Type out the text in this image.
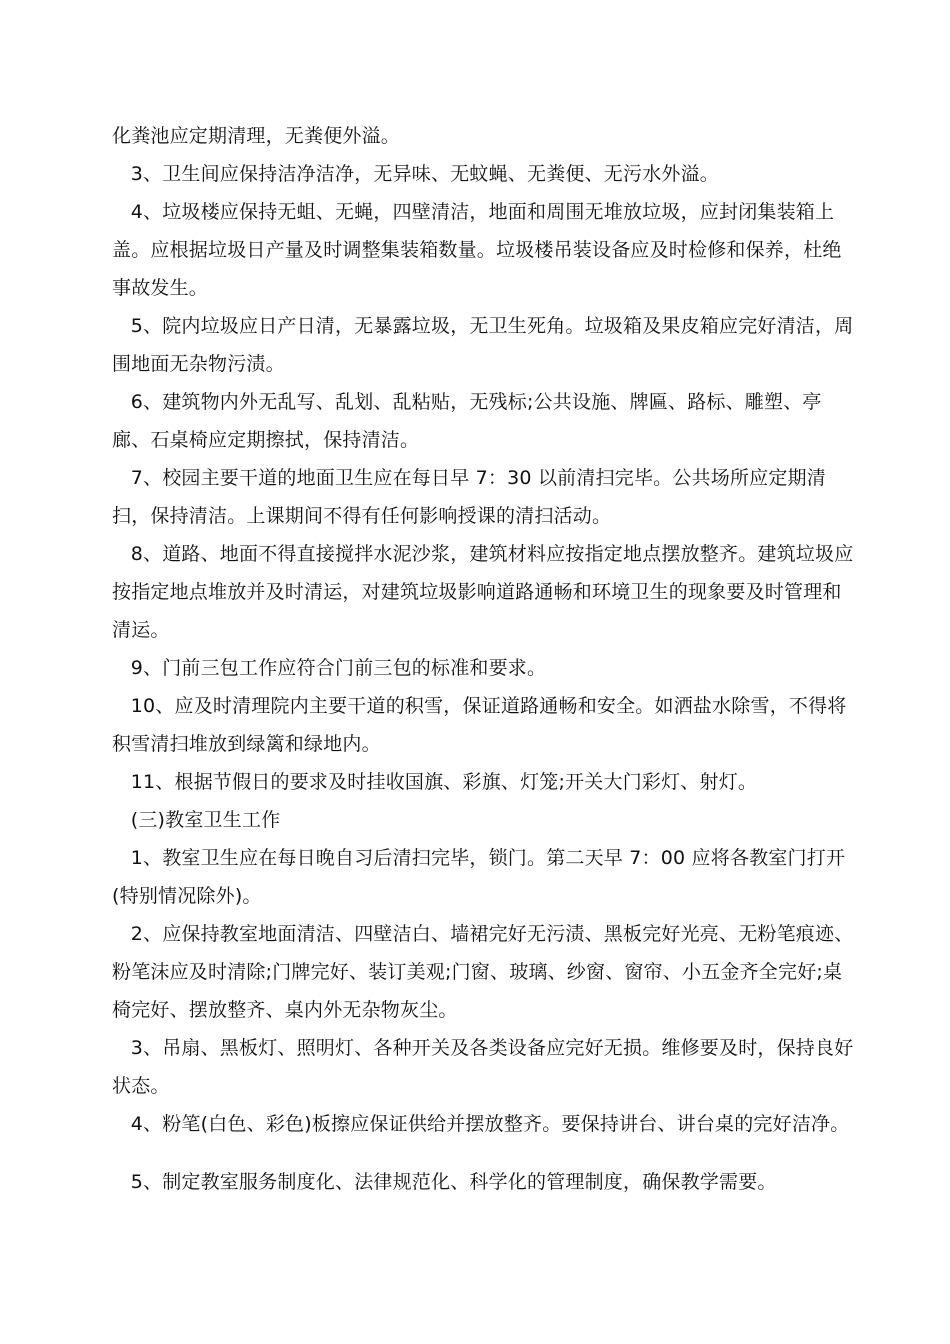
化粪池应定期清理，无粪便外溢。

3、卫生间应保持洁净洁净，无异味、无蚊蝇、无粪便、无污水外溢。

4、垃圾楼应保持无蛆、无蝇，四壁清洁，地面和周围无堆放垃圾，应封闭集装箱上盖。应根据垃圾日产量及时调整集装箱数量。垃圾楼吊装设备应及时检修和保养，杜绝事故发生。

5、院内垃圾应日产日清，无暴露垃圾，无卫生死角。垃圾箱及果皮箱应完好清洁，周围地面无杂物污渍。

6、建筑物内外无乱写、乱划、乱粘贴，无残标;公共设施、牌匾、路标、雕塑、亭廊、石桌椅应定期擦拭，保持清洁。

7、校园主要干道的地面卫生应在每日早 7：30 以前清扫完毕。公共场所应定期清扫，保持清洁。上课期间不得有任何影响授课的清扫活动。

8、道路、地面不得直接搅拌水泥沙浆，建筑材料应按指定地点摆放整齐。建筑垃圾应按指定地点堆放并及时清运，对建筑垃圾影响道路通畅和环境卫生的现象要及时管理和清运。

9、门前三包工作应符合门前三包的标准和要求。

10、应及时清理院内主要干道的积雪，保证道路通畅和安全。如洒盐水除雪，不得将积雪清扫堆放到绿篱和绿地内。

11、根据节假日的要求及时挂收国旗、彩旗、灯笼;开关大门彩灯、射灯。

(三)教室卫生工作

1、教室卫生应在每日晚自习后清扫完毕，锁门。第二天早 7：00 应将各教室门打开(特别情况除外)。

2、应保持教室地面清洁、四壁洁白、墙裙完好无污渍、黑板完好光亮、无粉笔痕迹、粉笔沫应及时清除;门牌完好、装订美观;门窗、玻璃、纱窗、窗帘、小五金齐全完好;桌椅完好、摆放整齐、桌内外无杂物灰尘。

3、吊扇、黑板灯、照明灯、各种开关及各类设备应完好无损。维修要及时，保持良好状态。

4、粉笔(白色、彩色)板擦应保证供给并摆放整齐。要保持讲台、讲台桌的完好洁净。

5、制定教室服务制度化、法律规范化、科学化的管理制度，确保教学需要。
